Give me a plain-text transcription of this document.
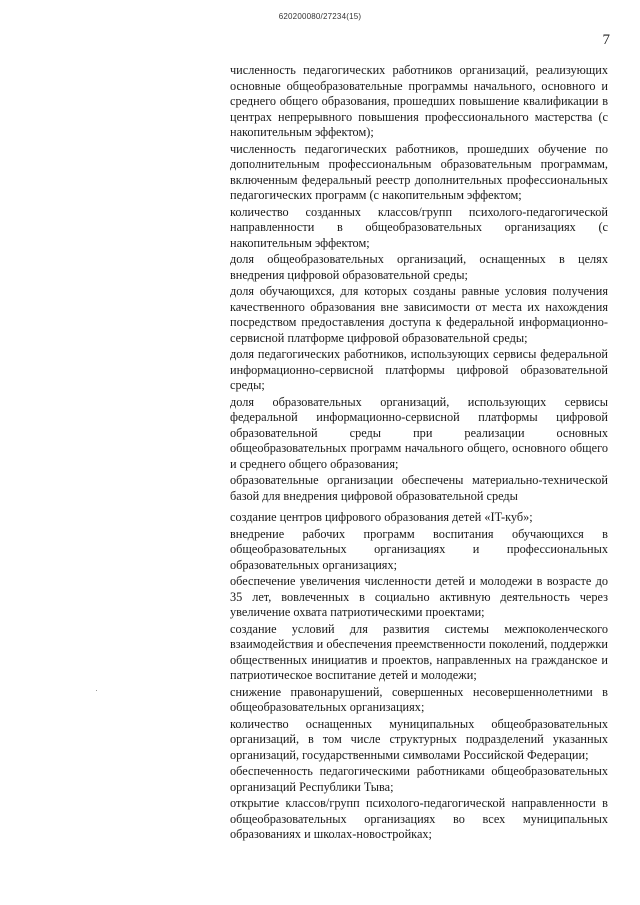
620200080/27234(15)
7

численность педагогических работников организаций, реализующих основные общеобразовательные программы начального, основного и среднего общего образования, прошедших повышение квалификации в центрах непрерывного повышения профессионального мастерства (с накопительным эффектом);

численность педагогических работников, прошедших обучение по дополнительным профессиональным образовательным программам, включенным федеральный реестр дополнительных профессиональных педагогических программ (с накопительным эффектом;

количество созданных классов/групп психолого-педагогической направленности в общеобразовательных организациях (с накопительным эффектом;

доля общеобразовательных организаций, оснащенных в целях внедрения цифровой образовательной среды;

доля обучающихся, для которых созданы равные условия получения качественного образования вне зависимости от места их нахождения посредством предоставления доступа к федеральной информационно-сервисной платформе цифровой образовательной среды;

доля педагогических работников, использующих сервисы федеральной информационно-сервисной платформы цифровой образовательной среды;

доля образовательных организаций, использующих сервисы федеральной информационно-сервисной платформы цифровой образовательной среды при реализации основных общеобразовательных программ начального общего, основного общего и среднего общего образования;

образовательные организации обеспечены материально-технической базой для внедрения цифровой образовательной среды

создание центров цифрового образования детей «IT-куб»;

внедрение рабочих программ воспитания обучающихся в общеобразовательных организациях и профессиональных образовательных организациях;

обеспечение увеличения численности детей и молодежи в возрасте до 35 лет, вовлеченных в социально активную деятельность через увеличение охвата патриотическими проектами;

создание условий для развития системы межпоколенческого взаимодействия и обеспечения преемственности поколений, поддержки общественных инициатив и проектов, направленных на гражданское и патриотическое воспитание детей и молодежи;

снижение правонарушений, совершенных несовершеннолетними в общеобразовательных организациях;

количество оснащенных муниципальных общеобразовательных организаций, в том числе структурных подразделений указанных организаций, государственными символами Российской Федерации;

обеспеченность педагогическими работниками общеобразовательных организаций Республики Тыва;

открытие классов/групп психолого-педагогической направленности в общеобразовательных организациях во всех муниципальных образованиях и школах-новостройках;
